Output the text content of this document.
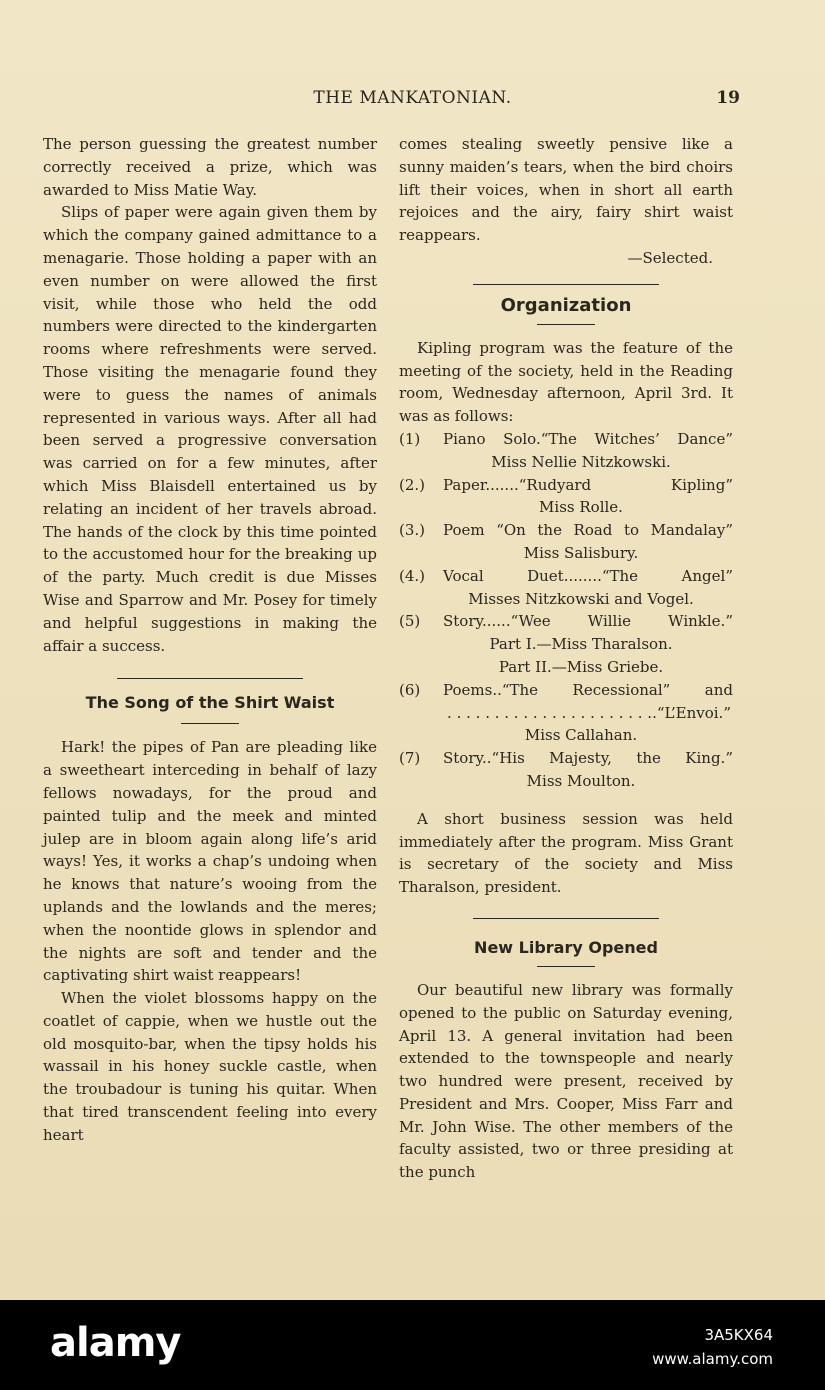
THE MANKATONIAN.	19

The person guessing the greatest number correctly received a prize, which was awarded to Miss Matie Way.

Slips of paper were again given them by which the company gained admittance to a menagarie. Those holding a paper with an even number on were allowed the first visit, while those who held the odd numbers were directed to the kindergarten rooms where refreshments were served. Those visiting the menagarie found they were to guess the names of animals represented in various ways. After all had been served a progressive conversation was carried on for a few minutes, after which Miss Blaisdell entertained us by relating an incident of her travels abroad. The hands of the clock by this time pointed to the accustomed hour for the breaking up of the party. Much credit is due Misses Wise and Sparrow and Mr. Posey for timely and helpful suggestions in making the affair a success.

The Song of the Shirt Waist

Hark! the pipes of Pan are pleading like a sweetheart interceding in behalf of lazy fellows nowadays, for the proud and painted tulip and the meek and minted julep are in bloom again along life’s arid ways! Yes, it works a chap’s undoing when he knows that nature’s wooing from the uplands and the lowlands and the meres; when the noontide glows in splendor and the nights are soft and tender and the captivating shirt waist reappears!

When the violet blossoms happy on the coatlet of cappie, when we hustle out the old mosquito-bar, when the tipsy holds his wassail in his honey suckle castle, when the troubadour is tuning his quitar. When that tired transcendent feeling into every heart

comes stealing sweetly pensive like a sunny maiden’s tears, when the bird choirs lift their voices, when in short all earth rejoices and the airy, fairy shirt waist reappears.

—Selected.
Organization

Kipling program was the feature of the meeting of the society, held in the Reading room, Wednesday afternoon, April 3rd. It was as follows:

(1)	Piano Solo.“The Witches’ Dance”
Miss Nellie Nitzkowski.
(2.)	Paper.......“Rudyard Kipling”
Miss Rolle.
(3.)	Poem “On the Road to Mandalay”
Miss Salisbury.
(4.)	Vocal Duet........“The Angel”
Misses Nitzkowski and Vogel.
(5)	Story......“Wee Willie Winkle.”
Part I.—Miss Tharalson.
Part II.—Miss Griebe.
(6)	Poems..“The Recessional” and
. . . . . . . . . . . . . . . . . . . . . ..“L’Envoi.”
Miss Callahan.
(7)	Story..“His Majesty, the King.”
Miss Moulton.

A short business session was held immediately after the program. Miss Grant is secretary of the society and Miss Tharalson, president.

New Library Opened

Our beautiful new library was formally opened to the public on Saturday evening, April 13. A general invitation had been extended to the townspeople and nearly two hundred were present, received by President and Mrs. Cooper, Miss Farr and Mr. John Wise. The other members of the faculty assisted, two or three presiding at the punch

alamy	3A5KX64
www.alamy.com
